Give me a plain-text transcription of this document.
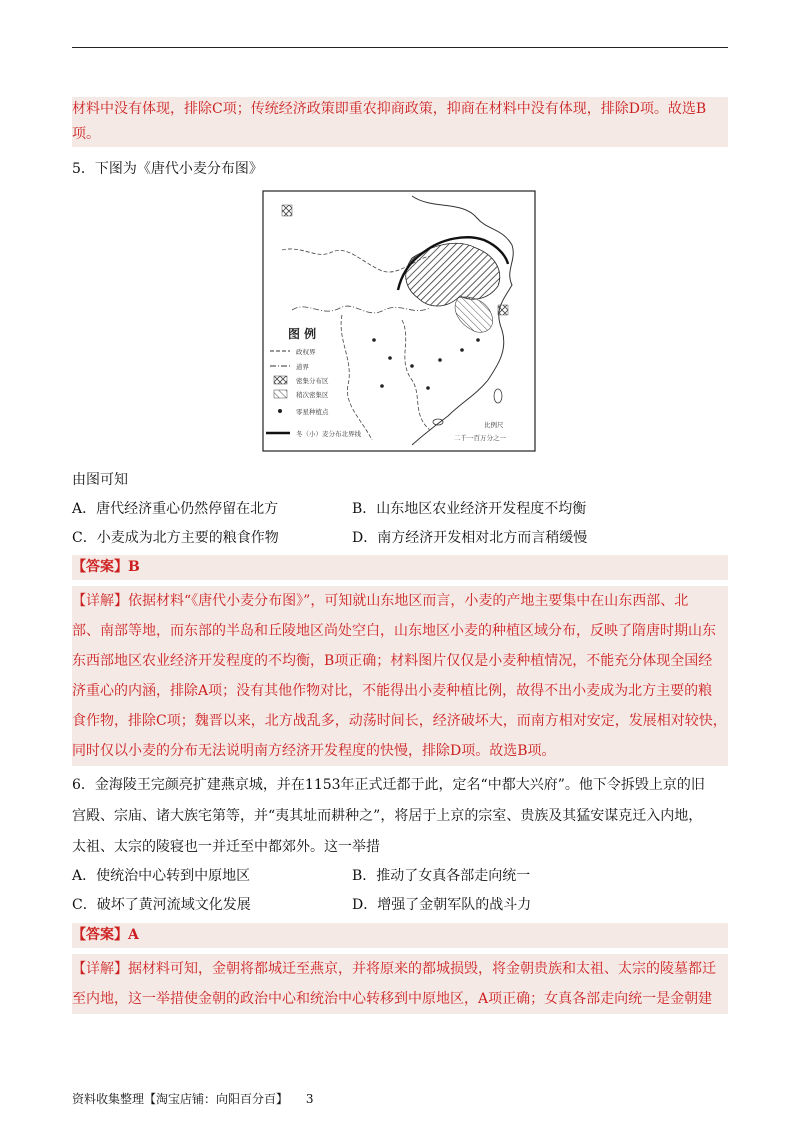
材料中没有体现，排除C项；传统经济政策即重农抑商政策，抑商在材料中没有体现，排除D项。故选B
项。
5．下图为《唐代小麦分布图》
图 例
政权界
道界
密集分布区
稍次密集区
零星种植点
冬（小）麦分布北界线
比例尺
二千一百万分之一
由图可知
A．唐代经济重心仍然停留在北方	B．山东地区农业经济开发程度不均衡
C．小麦成为北方主要的粮食作物	D．南方经济开发相对北方而言稍缓慢
【答案】B
【详解】依据材料“《唐代小麦分布图》”，可知就山东地区而言，小麦的产地主要集中在山东西部、北
部、南部等地，而东部的半岛和丘陵地区尚处空白，山东地区小麦的种植区域分布，反映了隋唐时期山东
东西部地区农业经济开发程度的不均衡，B项正确；材料图片仅仅是小麦种植情况，不能充分体现全国经
济重心的内涵，排除A项；没有其他作物对比，不能得出小麦种植比例，故得不出小麦成为北方主要的粮
食作物，排除C项；魏晋以来，北方战乱多，动荡时间长，经济破坏大，而南方相对安定，发展相对较快，
同时仅以小麦的分布无法说明南方经济开发程度的快慢，排除D项。故选B项。
6．金海陵王完颜亮扩建燕京城，并在1153年正式迁都于此，定名“中都大兴府”。他下令拆毁上京的旧
宫殿、宗庙、诸大族宅第等，并“夷其址而耕种之”，将居于上京的宗室、贵族及其猛安谋克迁入内地，
太祖、太宗的陵寝也一并迁至中都郊外。这一举措
A．使统治中心转到中原地区	B．推动了女真各部走向统一
C．破坏了黄河流域文化发展	D．增强了金朝军队的战斗力
【答案】A
【详解】据材料可知，金朝将都城迁至燕京，并将原来的都城损毁，将金朝贵族和太祖、太宗的陵墓都迁
至内地，这一举措使金朝的政治中心和统治中心转移到中原地区，A项正确；女真各部走向统一是金朝建
资料收集整理【淘宝店铺：向阳百分百】 3
